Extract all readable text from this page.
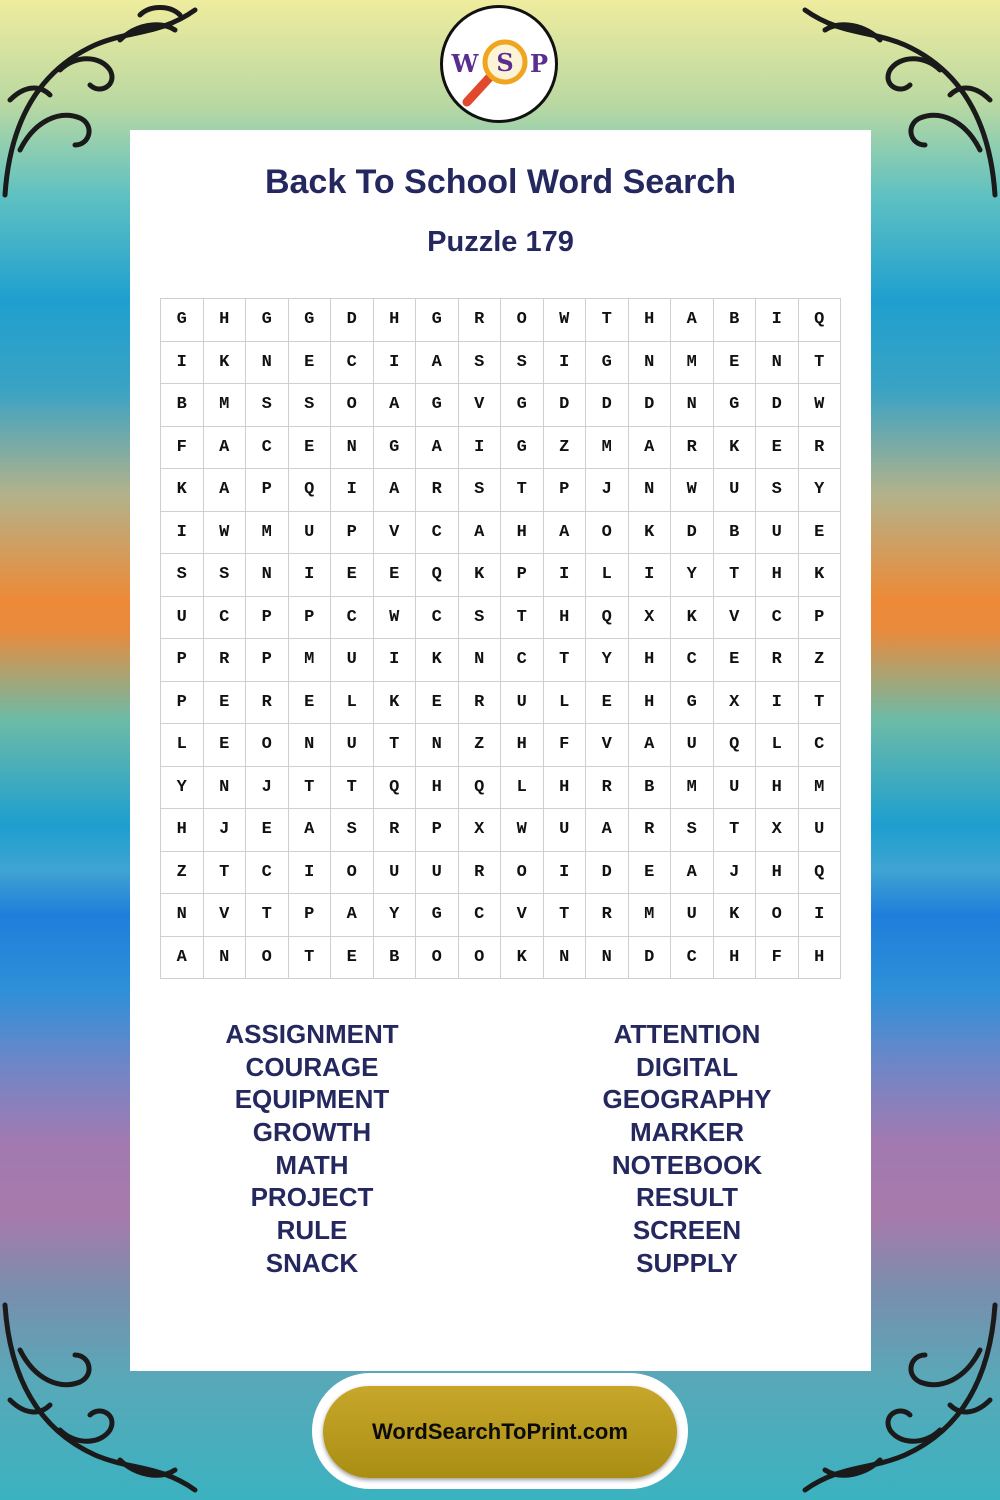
W S P
Back To School Word Search
Puzzle 179
G	H	G	G	D	H	G	R	O	W	T	H	A	B	I	Q
I	K	N	E	C	I	A	S	S	I	G	N	M	E	N	T
B	M	S	S	O	A	G	V	G	D	D	D	N	G	D	W
F	A	C	E	N	G	A	I	G	Z	M	A	R	K	E	R
K	A	P	Q	I	A	R	S	T	P	J	N	W	U	S	Y
I	W	M	U	P	V	C	A	H	A	O	K	D	B	U	E
S	S	N	I	E	E	Q	K	P	I	L	I	Y	T	H	K
U	C	P	P	C	W	C	S	T	H	Q	X	K	V	C	P
P	R	P	M	U	I	K	N	C	T	Y	H	C	E	R	Z
P	E	R	E	L	K	E	R	U	L	E	H	G	X	I	T
L	E	O	N	U	T	N	Z	H	F	V	A	U	Q	L	C
Y	N	J	T	T	Q	H	Q	L	H	R	B	M	U	H	M
H	J	E	A	S	R	P	X	W	U	A	R	S	T	X	U
Z	T	C	I	O	U	U	R	O	I	D	E	A	J	H	Q
N	V	T	P	A	Y	G	C	V	T	R	M	U	K	O	I
A	N	O	T	E	B	O	O	K	N	N	D	C	H	F	H
ASSIGNMENT
COURAGE
EQUIPMENT
GROWTH
MATH
PROJECT
RULE
SNACK
ATTENTION
DIGITAL
GEOGRAPHY
MARKER
NOTEBOOK
RESULT
SCREEN
SUPPLY
WordSearchToPrint.com
